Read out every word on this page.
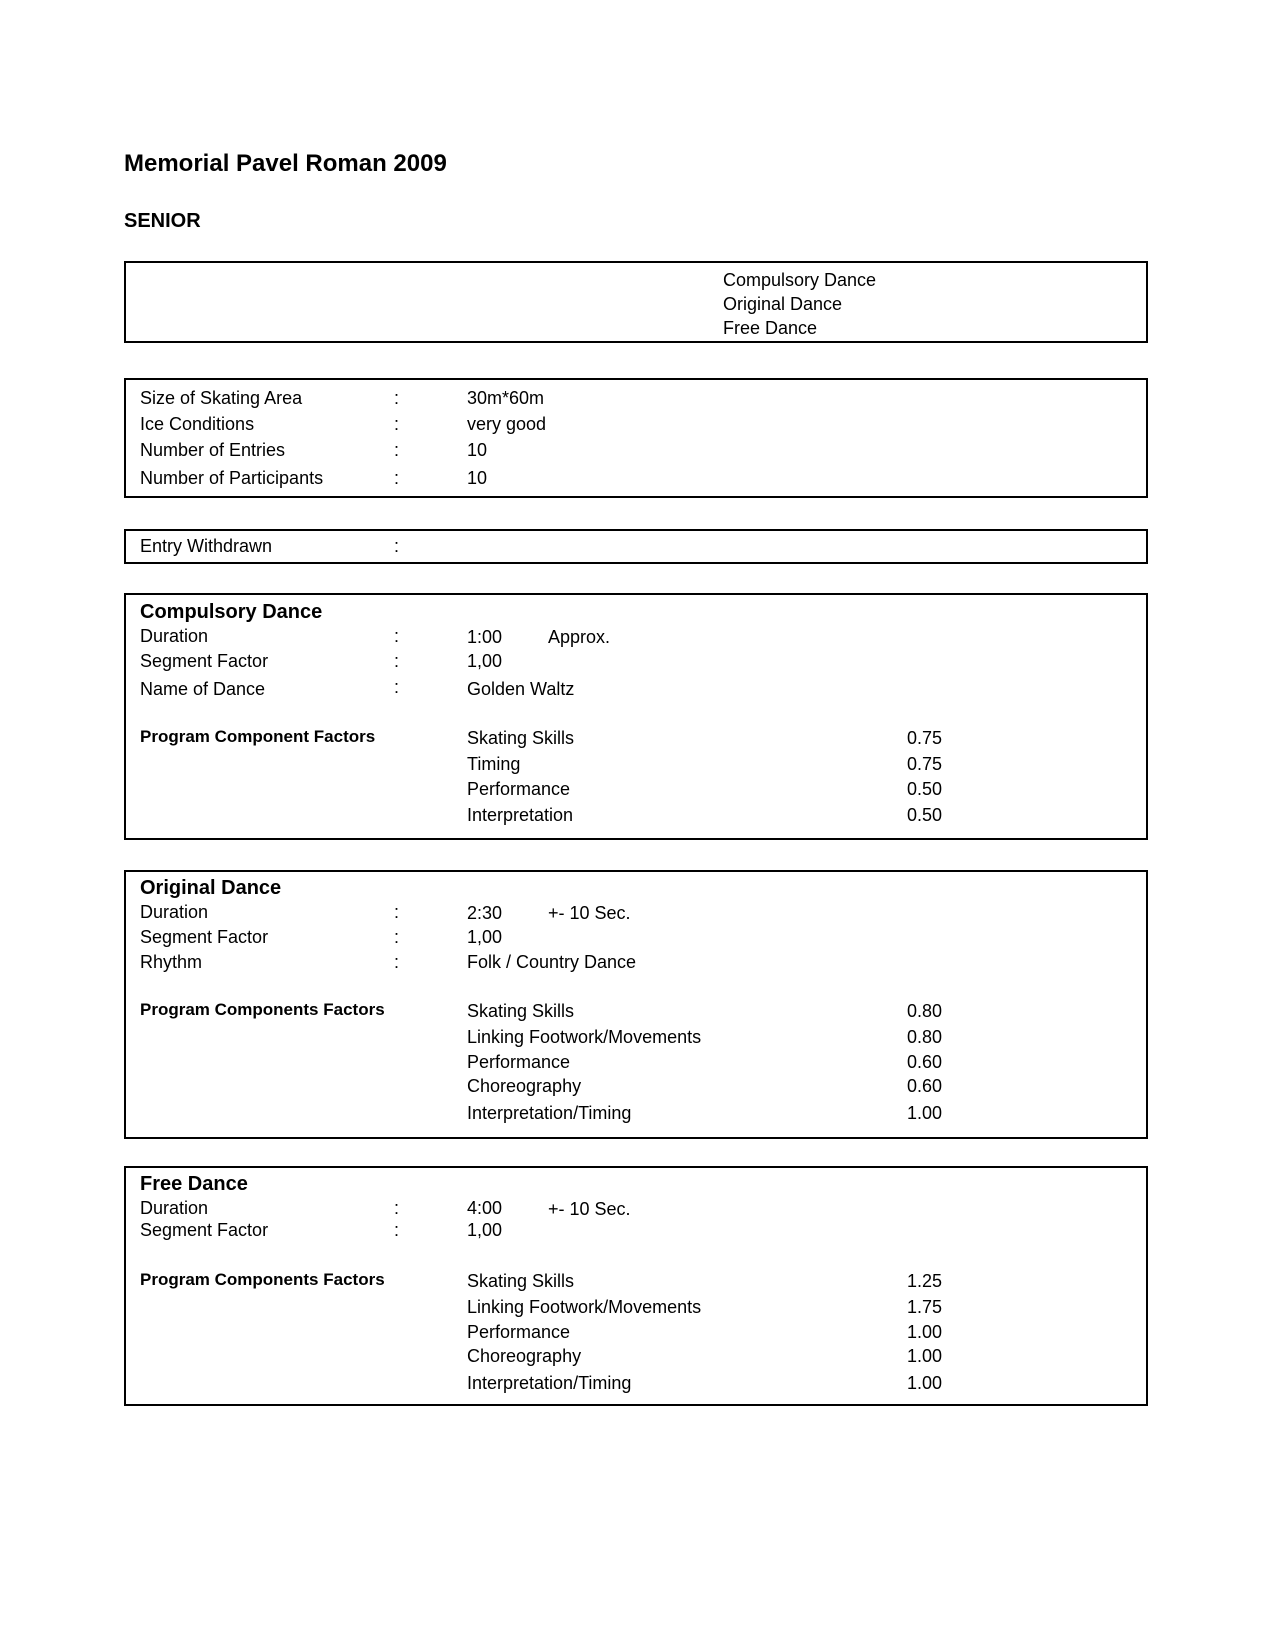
Memorial Pavel Roman 2009
SENIOR
Compulsory Dance
Original Dance
Free Dance
Size of Skating Area	:	30m*60m
Ice Conditions	:	very good
Number of Entries	:	10
Number of Participants	:	10
Entry Withdrawn	:
Compulsory Dance
Duration	:	1:00	Approx.
Segment Factor	:	1,00
Name of Dance	:	Golden Waltz
Program Component Factors	Skating Skills	0.75
Timing	0.75
Performance	0.50
Interpretation	0.50
Original Dance
Duration	:	2:30	+- 10 Sec.
Segment Factor	:	1,00
Rhythm	:	Folk / Country Dance
Program Components Factors	Skating Skills	0.80
Linking Footwork/Movements	0.80
Performance	0.60
Choreography	0.60
Interpretation/Timing	1.00
Free Dance
Duration	:	4:00	+- 10 Sec.
Segment Factor	:	1,00
Program Components Factors	Skating Skills	1.25
Linking Footwork/Movements	1.75
Performance	1.00
Choreography	1.00
Interpretation/Timing	1.00
